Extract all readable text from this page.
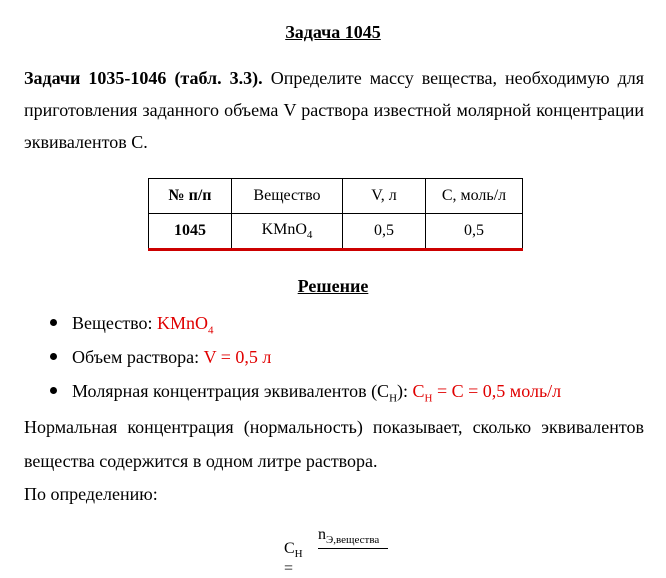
Задача 1045
Задачи 1035-1046 (табл. 3.3). Определите массу вещества, необходимую для приготовления заданного объема V раствора известной молярной концентрации эквивалентов С.
№ п/п	Вещество	V, л	C, моль/л
1045	KMnO$_4$	0,5	0,5
Решение
Вещество: KMnO$_4$
Объем раствора: V = 0,5 л
Молярная концентрация эквивалентов $(С_Н)$: $С_Н = С = 0,5$ моль/л
Нормальная концентрация (нормальность) показывает, сколько эквивалентов вещества содержится в одном литре раствора.
По определению:
$С_Н$ =
$n_{Э,вещества}$
